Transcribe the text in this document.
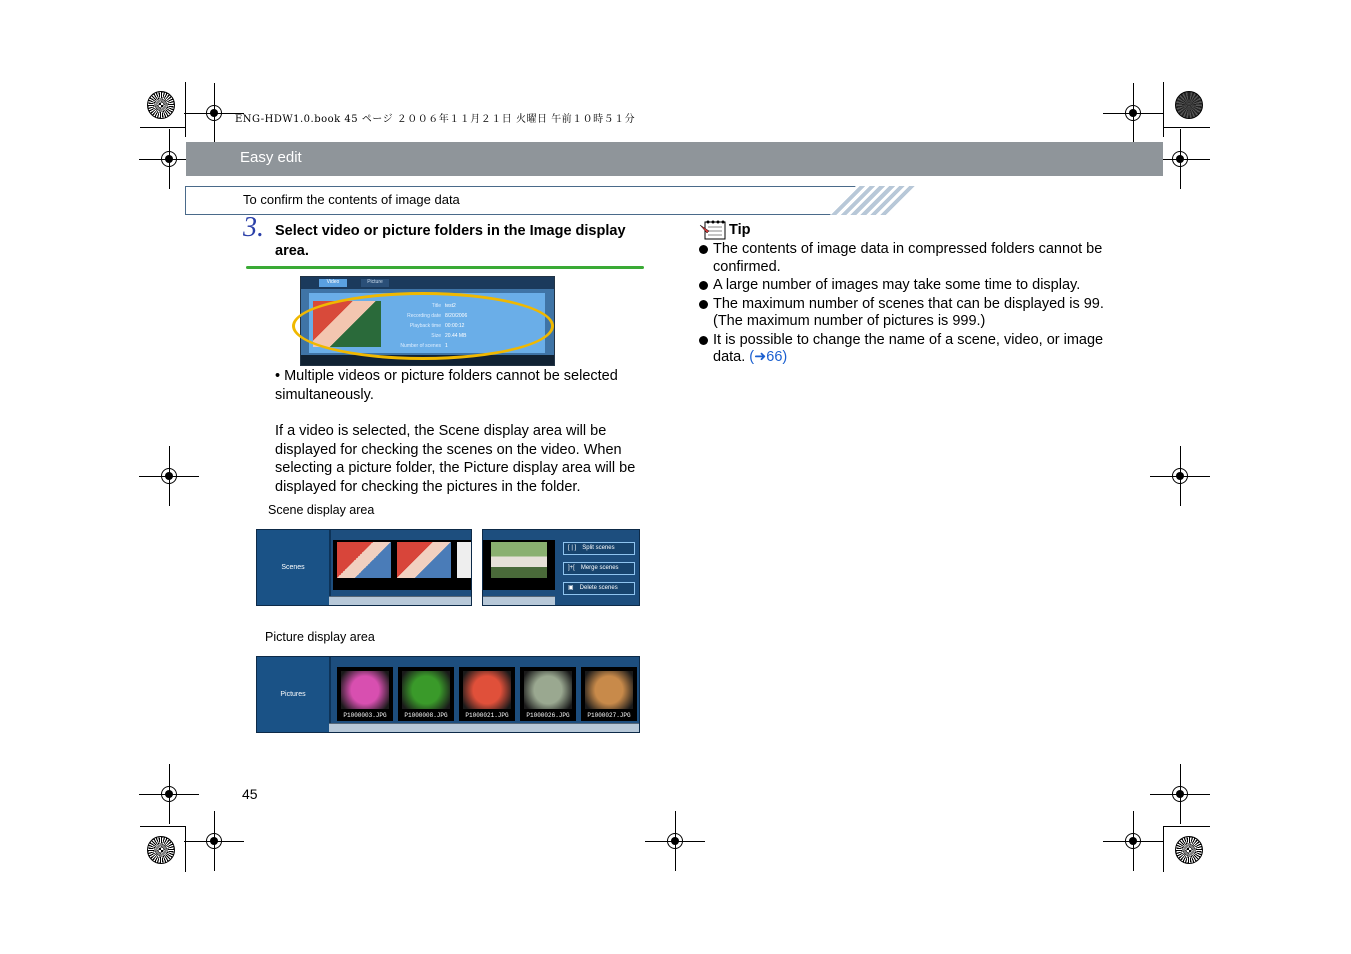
ENG-HDW1.0.book 45 ページ ２００６年１１月２１日 火曜日 午前１０時５１分
Easy edit
To confirm the contents of image data
3. Select video or picture folders in the Image display area.
Video	Picture
Title test2
Recording date 8/20/2006
Playback time 00:00:12
Size 20.44 MB
Number of scenes 1
• Multiple videos or picture folders cannot be selected simultaneously.
If a video is selected, the Scene display area will be displayed for checking the scenes on the video. When selecting a picture folder, the Picture display area will be displayed for checking the pictures in the folder.
Scene display area
Scenes
[ | ] Split scenes
]+[ Merge scenes
▣ Delete scenes
Picture display area
Pictures
P1000003.JPG	P1000008.JPG	P1000021.JPG	P1000026.JPG	P1000027.JPG
Tip
The contents of image data in compressed folders cannot be confirmed.
A large number of images may take some time to display.
The maximum number of scenes that can be displayed is 99. (The maximum number of pictures is 999.)
It is possible to change the name of a scene, video, or image data. (➜66)
45
